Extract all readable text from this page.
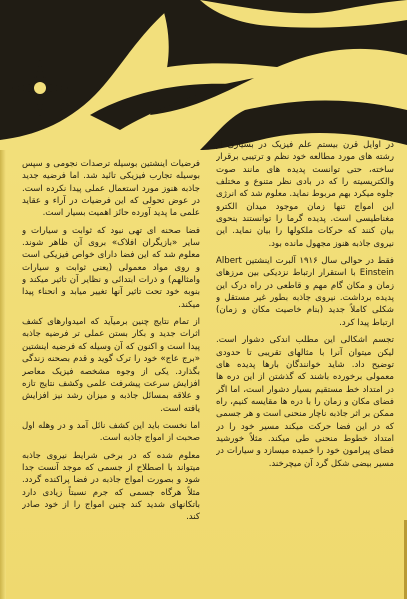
در اوایل قرن بیستم علم فیزیک در بسیاری از رشته های مورد مطالعه خود نظم و ترتیبی برقرار ساخته، حتی توانست پدیده های مانند صوت والکتریسیته را که در بادی نظر متنوع و مختلف جلوه میکرد بهم مربوط نماید. معلوم شد که انرژی این امواج تنها زمان موجود میدان الکترو مغناطیسی است. پدیده گرما را توانستند بنحوی بیان کنند که حرکات ملکولها را بیان نماید. این نیروی جاذبه هنوز مجهول مانده بود.

فقط در حوالی سال ۱۹۱۶ آلبرت اینشتین Albert Einstein با استقرار ارتباط نزدیکی بین مرزهای زمان و مکان گام مهم و قاطعی در راه درک این پدیده برداشت. نیروی جاذبه بطور غیر مستقل و شکلی کاملاً جدید (بنام خاصیت مکان و زمان) ارتباط پیدا کرد.

تجسم اشکالی این مطلب اندکی دشوار است. لیکن میتوان آنرا با مثالهای تقریبی تا حدودی توضیح داد. شاید خوانندگان بارها پدیده های معمولی برخورده باشند که گذشتن از این دره ها در امتداد خط مستقیم بسیار دشوار است، اما اگر فضای مکان و زمان را با دره ها مقایسه کنیم، راه ممکن بر اثر جاذبه ناچار منحنی است و هر جسمی که در این فضا حرکت میکند مسیر خود را در امتداد خطوط منحنی طی میکند. مثلاً خورشید فضای پیرامون خود را خمیده میسازد و سیارات در مسیر بیضی شکل گرد آن میچرخند.

فرضیات اینشتین بوسیله ترصدات نجومی و سپس بوسیله تجارب فیزیکی تائید شد. اما فرضیه جدید جاذبه هنوز مورد استعمال عملی پیدا نکرده است. در عوض تحولی که این فرضیات در آراء و عقاید علمی ما پدید آورده حائز اهمیت بسیار است.

فضا صحنه ای تهی نبود که ثوابت و سیارات و سایر «بازیگران افلاک» بروی آن ظاهر شوند. معلوم شد که این فضا دارای خواص فیزیکی است و روی مواد معمولی (یعنی ثوابت و سیارات وامثالهم) و ذرات ابتدائی و نظایر آن تاثیر میکند و بنوبه خود تحت تاثیر آنها تغییر میابد و انحناء پیدا میکند.

از تمام نتایج چنین برمیآید که امیدوارهای کشف اثرات جدید و بکار بستن عملی تر فرضیه جاذبه پیدا است و اکنون که آن وسیله که فرضیه اینشتین «برج عاج» خود را ترک گوید و قدم بصحنه زندگی بگذارد. یکی از وجوه مشخصه فیزیک معاصر افزایش سرعت پیشرفت علمی وکشف نتایج تازه و علاقه بمسائل جاذبه و میزان رشد نیز افزایش یافته است.

اما نخست باید این کشف نائل آمد و در وهله اول صحبت از امواج جاذبه است.

معلوم شده که در برخی شرایط نیروی جاذبه میتواند با اصطلاح از جسمی که موجد آنست جدا شود و بصورت امواج جاذبه در فضا پراکنده گردد. مثلاً هرگاه جسمی که جرم نسبتاً زیادی دارد باتکانهای شدید کند چنین امواج را از خود صادر کند.
